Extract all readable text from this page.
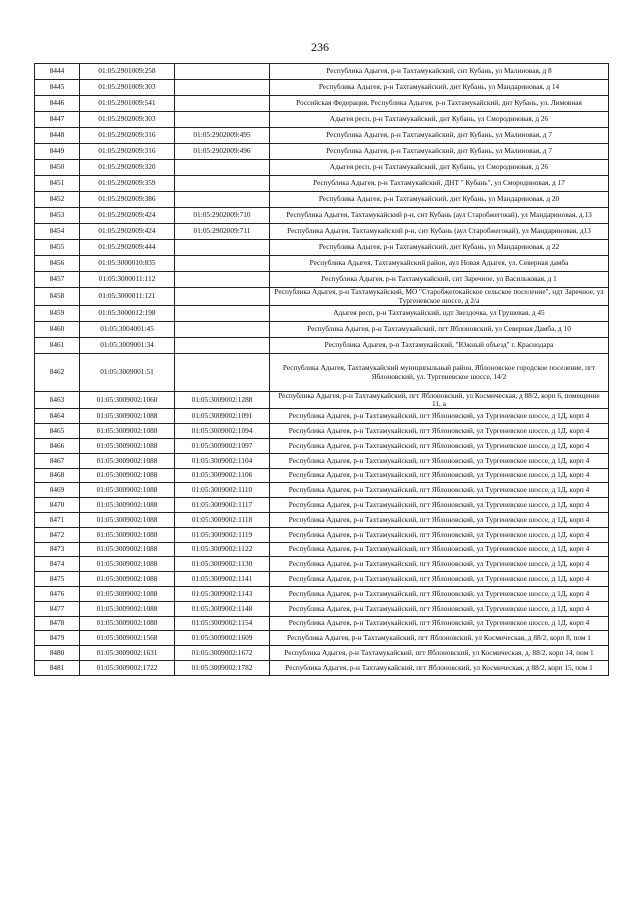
236
8444	01:05:2901009:258		Республика Адыгея, р-н Тахтамукайский, снт Кубань, ул Малиновая, д 8
8445	01:05:2901009:303		Республика Адыгея, р-н Тахтамукайский, днт Кубань, ул Мандариновая, д 14
8446	01:05:2901009:541		Российская Федерация, Республика Адыгея, р-н Тахтамукайский, днт Кубань, ул. Лимовная
8447	01:05:2902009:303		Адыгея респ, р-н Тахтамукайский, днт Кубань, ул Смородиновая, д 26
8448	01:05:2902009:316	01:05:2902009:495	Республика Адыгея, р-н Тахтамукайский, днт Кубань, ул Малиновая, д 7
8449	01:05:2902009:316	01:05:2902009:496	Республика Адыгея, р-н Тахтамукайский, днт Кубань, ул Малиновая, д 7
8450	01:05:2902009:320		Адыгея респ, р-н Тахтамукайский, днт Кубань, ул Смородиновая, д 26
8451	01:05:2902009:359		Республика Адыгея, р-н Тахтамукайский, ДНТ " Кубань", ул Смородиновая, д 17
8452	01:05:2902009:386		Республика Адыгея, р-н Тахтамукайский, днт Кубань, ул Мандариновая, д 20
8453	01:05:2902009:424	01:05:2902009:710	Республика Адыгея, Тахтамукайский р-н, снт Кубань (аул Старобжегокай), ул Мандариновая, д.13
8454	01:05:2902009:424	01:05:2902009:711	Республика Адыгея, Тахтамукайский р-н, снт Кубань (аул Старобжегокай), ул Мандариновая, д13
8455	01:05:2902009:444		Республика Адыгея, р-н Тахтамукайский, днт Кубань, ул Мандариновая, д 22
8456	01:05:3000010:835		Республика Адыгея, Тахтамукайский район, аул Новая Адыгея, ул. Северная дамба
8457	01:05:3000011:112		Республика Адыгея, р-н Тахтамукайский, снт Заречное, ул Васильковая, д 1
8458	01:05:3000011:121		Республика Адыгея, р-н Тахтамукайский, МО "Старобжегокайское сельское поселение", ндт Заречное, ул Тургеневское шоссе, д 2/а
8459	01:05:3000012:198		Адыгея респ, р-н Тахтамукайский, ндт Звездочка, ул Грушевая, д 45
8460	01:05:3004001:45		Республика Адыгея, р-н Тахтамукайский, пгт Яблоновский, ул Северная Дамба, д 10
8461	01:05:3009001:34		Республика Адыгея, р-н Тахтамукайский, "Южный объезд" г. Краснодара
8462	01:05:3009001:51		Республика Адыгея, Тахтамукайский муниципальный район, Яблоновское городское поселение, пгт Яблоновский, ул. Тургеневское шоссе, 14/2
8463	01:05:3009002:1060	01:05:3009002:1288	Республика Адыгея, р-н Тахтамукайский, пгт Яблоновский, ул Космическая, д 88/2, корп 6, помещение 11, а
8464	01:05:3009002:1088	01:05:3009002:1091	Республика Адыгея, р-н Тахтамукайский, пгт Яблоновский, ул Тургеневское шоссе, д 1Д, корп 4
8465	01:05:3009002:1088	01:05:3009002:1094	Республика Адыгея, р-н Тахтамукайский, пгт Яблоновский, ул Тургеневское шоссе, д 1Д, корп 4
8466	01:05:3009002:1088	01:05:3009002:1097	Республика Адыгея, р-н Тахтамукайский, пгт Яблоновский, ул Тургеневское шоссе, д 1Д, корп 4
8467	01:05:3009002:1088	01:05:3009002:1104	Республика Адыгея, р-н Тахтамукайский, пгт Яблоновский, ул Тургеневское шоссе, д 1Д, корп 4
8468	01:05:3009002:1088	01:05:3009002:1106	Республика Адыгея, р-н Тахтамукайский, пгт Яблоновский, ул Тургеневское шоссе, д 1Д, корп 4
8469	01:05:3009002:1088	01:05:3009002:1110	Республика Адыгея, р-н Тахтамукайский, пгт Яблоновский, ул Тургеневское шоссе, д 1Д, корп 4
8470	01:05:3009002:1088	01:05:3009002:1117	Республика Адыгея, р-н Тахтамукайский, пгт Яблоновский, ул Тургеневское шоссе, д 1Д, корп 4
8471	01:05:3009002:1088	01:05:3009002:1118	Республика Адыгея, р-н Тахтамукайский, пгт Яблоновский, ул Тургеневское шоссе, д 1Д, корп 4
8472	01:05:3009002:1088	01:05:3009002:1119	Республика Адыгея, р-н Тахтамукайский, пгт Яблоновский, ул Тургеневское шоссе, д 1Д, корп 4
8473	01:05:3009002:1088	01:05:3009002:1122	Республика Адыгея, р-н Тахтамукайский, пгт Яблоновский, ул Тургеневское шоссе, д 1Д, корп 4
8474	01:05:3009002:1088	01:05:3009002:1130	Республика Адыгея, р-н Тахтамукайский, пгт Яблоновский, ул Тургеневское шоссе, д 1Д, корп 4
8475	01:05:3009002:1088	01:05:3009002:1141	Республика Адыгея, р-н Тахтамукайский, пгт Яблоновский, ул Тургеневское шоссе, д 1Д, корп 4
8476	01:05:3009002:1088	01:05:3009002:1143	Республика Адыгея, р-н Тахтамукайский, пгт Яблоновский, ул Тургеневское шоссе, д 1Д, корп 4
8477	01:05:3009002:1088	01:05:3009002:1148	Республика Адыгея, р-н Тахтамукайский, пгт Яблоновский, ул Тургеневское шоссе, д 1Д, корп 4
8478	01:05:3009002:1088	01:05:3009002:1154	Республика Адыгея, р-н Тахтамукайский, пгт Яблоновский, ул Тургеневское шоссе, д 1Д, корп 4
8479	01:05:3009002:1568	01:05:3009002:1609	Республика Адыгея, р-н Тахтамукайский, пгт Яблоновский, ул Космическая, д 88/2, корп 8, пом 1
8480	01:05:3009002:1631	01:05:3009002:1672	Республика Адыгея, р-н Тахтамукайский, пгт Яблоновский, ул Космическая, д. 88/2, корп 14, пом 1
8481	01:05:3009002:1722	01:05:3009002:1782	Республика Адыгея, р-н Тахтамукайский, пгт Яблоновский, ул Космическая, д 88/2, корп 15, пом 1
